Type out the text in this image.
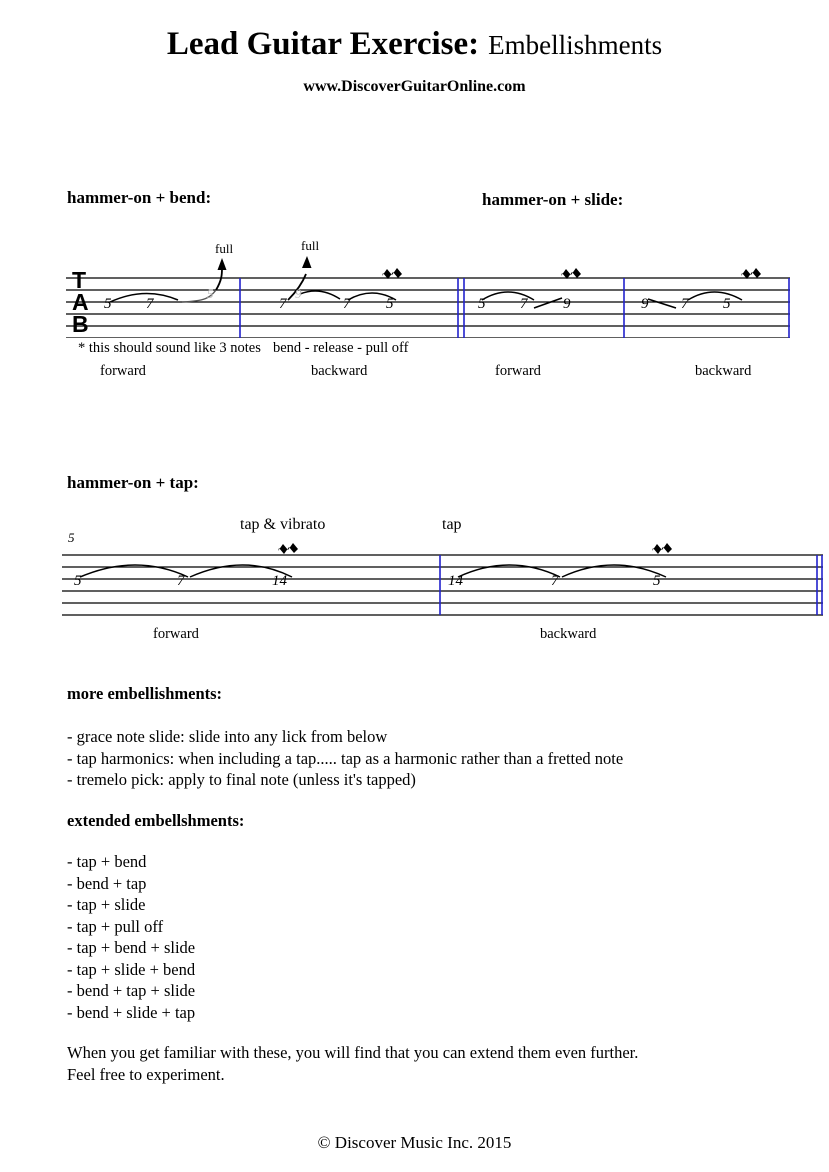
Lead Guitar Exercise: Embellishments
www.DiscoverGuitarOnline.com
hammer-on + bend:	hammer-on + slide:
hammer-on + tap:
T
A
B
full
5
5 7
full
9
7	7 5	5 7 9	9 7 5
* this should sound like 3 notes bend - release - pull off
forward	backward	forward	backward
tap & vibrato	tap
5
5	7	14	14	7	5
forward	backward
more embellishments:
- grace note slide: slide into any lick from below
- tap harmonics: when including a tap..... tap as a harmonic rather than a fretted note
- tremelo pick: apply to final note (unless it's tapped)
extended embellshments:
- tap + bend
- bend + tap
- tap + slide
- tap + pull off
- tap + bend + slide
- tap + slide + bend
- bend + tap + slide
- bend + slide + tap
When you get familiar with these, you will find that you can extend them even further.
Feel free to experiment.
© Discover Music Inc. 2015
